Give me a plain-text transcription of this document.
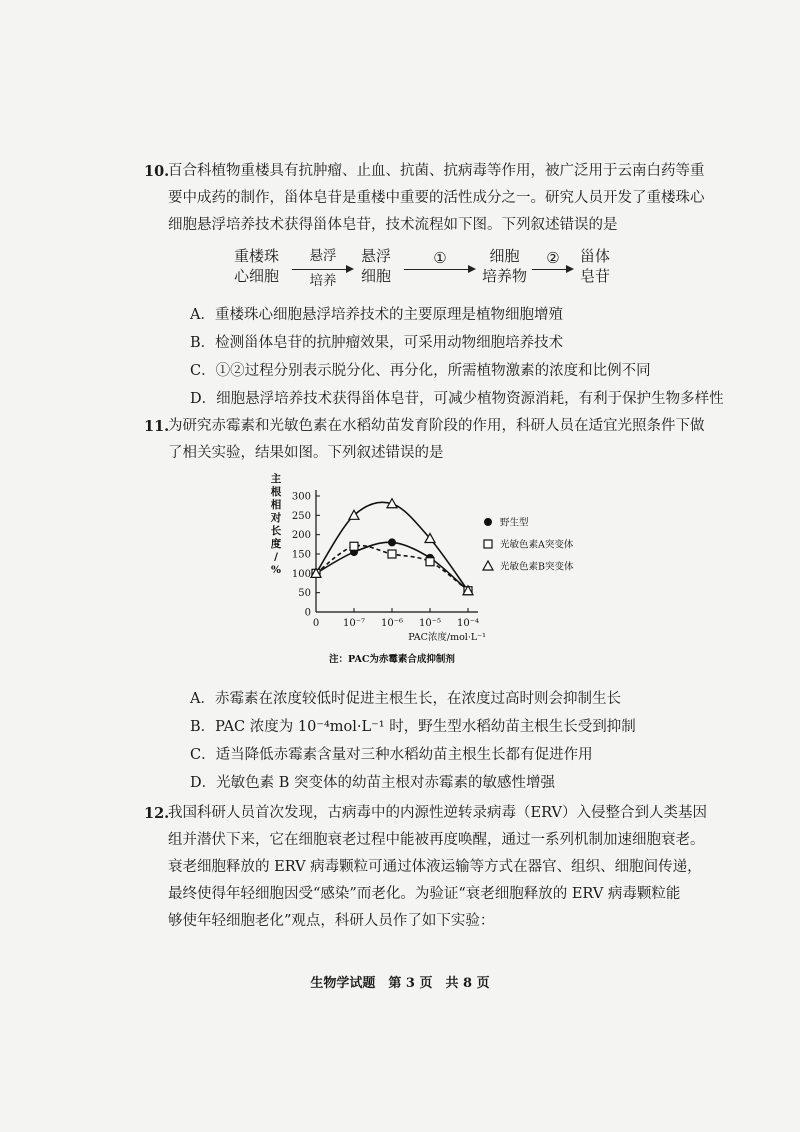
10.
百合科植物重楼具有抗肿瘤、止血、抗菌、抗病毒等作用，被广泛用于云南白药等重

要中成药的制作，甾体皂苷是重楼中重要的活性成分之一。研究人员开发了重楼珠心

细胞悬浮培养技术获得甾体皂苷，技术流程如下图。下列叙述错误的是

重楼珠
心细胞
悬浮
培养
悬浮
细胞
①	细胞
培养物
②	甾体
皂苷
A．重楼珠心细胞悬浮培养技术的主要原理是植物细胞增殖
B．检测甾体皂苷的抗肿瘤效果，可采用动物细胞培养技术
C．①②过程分别表示脱分化、再分化，所需植物激素的浓度和比例不同
D．细胞悬浮培养技术获得甾体皂苷，可减少植物资源消耗，有利于保护生物多样性

11.
为研究赤霉素和光敏色素在水稻幼苗发育阶段的作用，科研人员在适宜光照条件下做

了相关实验，结果如图。下列叙述错误的是

0
50
100
150
200
250
300
0 10⁻⁷ 10⁻⁶ 10⁻⁵ 10⁻⁴
主
根
相
对
长
度
/
%
PAC浓度/mol·L⁻¹
注：PAC为赤霉素合成抑制剂
野生型
光敏色素A突变体
光敏色素B突变体
A．赤霉素在浓度较低时促进主根生长，在浓度过高时则会抑制生长
B．PAC 浓度为 10⁻⁴mol·L⁻¹ 时，野生型水稻幼苗主根生长受到抑制
C．适当降低赤霉素含量对三种水稻幼苗主根生长都有促进作用
D．光敏色素 B 突变体的幼苗主根对赤霉素的敏感性增强

12.
我国科研人员首次发现，古病毒中的内源性逆转录病毒（ERV）入侵整合到人类基因

组并潜伏下来，它在细胞衰老过程中能被再度唤醒，通过一系列机制加速细胞衰老。

衰老细胞释放的 ERV 病毒颗粒可通过体液运输等方式在器官、组织、细胞间传递，

最终使得年轻细胞因受“感染”而老化。为验证“衰老细胞释放的 ERV 病毒颗粒能

够使年轻细胞老化”观点，科研人员作了如下实验：

生物学试题　第 3 页　共 8 页
